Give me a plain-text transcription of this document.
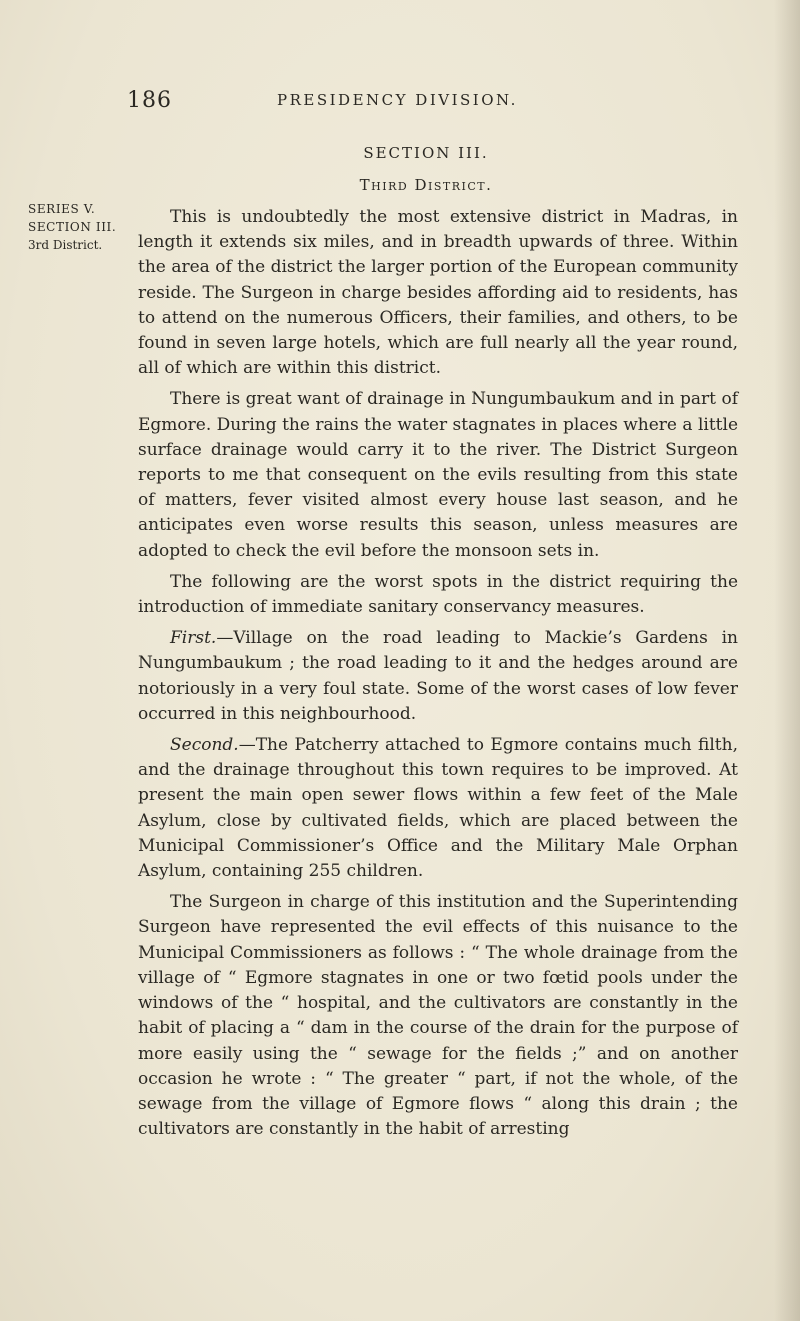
186	PRESIDENCY DIVISION.
SERIES V.
SECTION III.
3rd District.
SECTION III.
Third District.

This is undoubtedly the most extensive district in Madras, in length it extends six miles, and in breadth upwards of three. Within the area of the district the larger portion of the European community reside. The Surgeon in charge besides affording aid to residents, has to attend on the numerous Officers, their families, and others, to be found in seven large hotels, which are full nearly all the year round, all of which are within this district.

There is great want of drainage in Nungumbaukum and in part of Egmore. During the rains the water stagnates in places where a little surface drainage would carry it to the river. The District Surgeon reports to me that consequent on the evils resulting from this state of matters, fever visited almost every house last season, and he anticipates even worse results this season, unless measures are adopted to check the evil before the monsoon sets in.

The following are the worst spots in the district requiring the introduction of immediate sanitary conservancy measures.

First.—Village on the road leading to Mackie’s Gardens in Nungumbaukum ; the road leading to it and the hedges around are notoriously in a very foul state. Some of the worst cases of low fever occurred in this neighbourhood.

Second.—The Patcherry attached to Egmore contains much filth, and the drainage throughout this town requires to be improved. At present the main open sewer flows within a few feet of the Male Asylum, close by cultivated fields, which are placed between the Municipal Commissioner’s Office and the Military Male Orphan Asylum, containing 255 children.

The Surgeon in charge of this institution and the Superintending Surgeon have represented the evil effects of this nuisance to the Municipal Commissioners as follows : “ The whole drainage from the village of “ Egmore stagnates in one or two fœtid pools under the windows of the “ hospital, and the cultivators are constantly in the habit of placing a “ dam in the course of the drain for the purpose of more easily using the “ sewage for the fields ;” and on another occasion he wrote : “ The greater “ part, if not the whole, of the sewage from the village of Egmore flows “ along this drain ; the cultivators are constantly in the habit of arresting
